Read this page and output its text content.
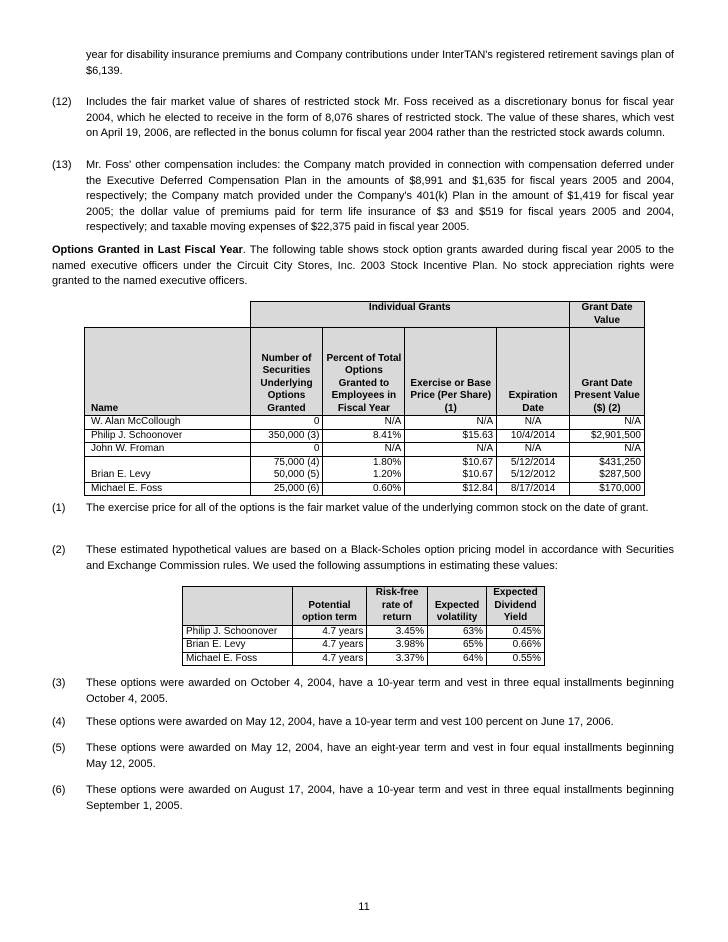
year for disability insurance premiums and Company contributions under InterTAN's registered retirement savings plan of $6,139.
(12)	Includes the fair market value of shares of restricted stock Mr. Foss received as a discretionary bonus for fiscal year 2004, which he elected to receive in the form of 8,076 shares of restricted stock. The value of these shares, which vest on April 19, 2006, are reflected in the bonus column for fiscal year 2004 rather than the restricted stock awards column.
(13)	Mr. Foss' other compensation includes: the Company match provided in connection with compensation deferred under the Executive Deferred Compensation Plan in the amounts of $8,991 and $1,635 for fiscal years 2005 and 2004, respectively; the Company match provided under the Company's 401(k) Plan in the amount of $1,419 for fiscal year 2005; the dollar value of premiums paid for term life insurance of $3 and $519 for fiscal years 2005 and 2004, respectively; and taxable moving expenses of $22,375 paid in fiscal year 2005.
Options Granted in Last Fiscal Year. The following table shows stock option grants awarded during fiscal year 2005 to the named executive officers under the Circuit City Stores, Inc. 2003 Stock Incentive Plan. No stock appreciation rights were granted to the named executive officers.
	Individual Grants				Grant Date Value
Name	Number of Securities Underlying Options Granted	Percent of Total Options Granted to Employees in Fiscal Year	Exercise or Base Price (Per Share) (1)	Expiration Date	Grant Date Present Value ($) (2)
W. Alan McCollough	0	N/A	N/A	N/A	N/A
Philip J. Schoonover	350,000 (3)	8.41%	$15.63	10/4/2014	$2,901,500
John W. Froman	0	N/A	N/A	N/A	N/A
	75,000 (4)	1.80%	$10.67	5/12/2014	$431,250
Brian E. Levy	50,000 (5)	1.20%	$10.67	5/12/2012	$287,500
Michael E. Foss	25,000 (6)	0.60%	$12.84	8/17/2014	$170,000
(1)	The exercise price for all of the options is the fair market value of the underlying common stock on the date of grant.
(2)	These estimated hypothetical values are based on a Black-Scholes option pricing model in accordance with Securities and Exchange Commission rules. We used the following assumptions in estimating these values:
	Potential option term	Risk-free rate of return	Expected volatility	Expected Dividend Yield
Philip J. Schoonover	4.7 years	3.45%	63%	0.45%
Brian E. Levy	4.7 years	3.98%	65%	0.66%
Michael E. Foss	4.7 years	3.37%	64%	0.55%
(3)	These options were awarded on October 4, 2004, have a 10-year term and vest in three equal installments beginning October 4, 2005.
(4)	These options were awarded on May 12, 2004, have a 10-year term and vest 100 percent on June 17, 2006.
(5)	These options were awarded on May 12, 2004, have an eight-year term and vest in four equal installments beginning May 12, 2005.
(6)	These options were awarded on August 17, 2004, have a 10-year term and vest in three equal installments beginning September 1, 2005.
11
